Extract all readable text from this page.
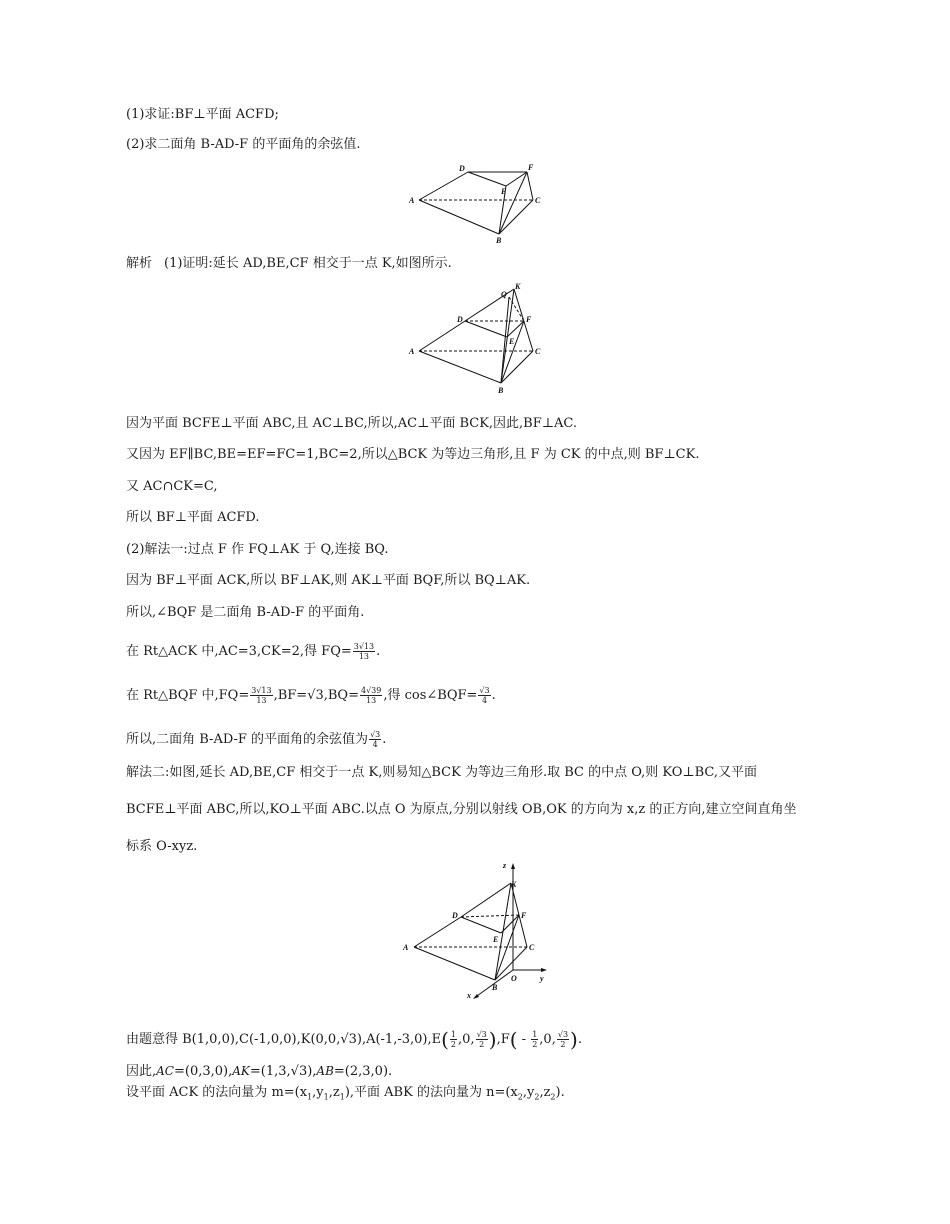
(1)求证:BF⊥平面 ACFD;
(2)求二面角 B-AD-F 的平面角的余弦值.
D	F
E
A	C
B
解析 (1)证明:延长 AD,BE,CF 相交于一点 K,如图所示.
Q
K
D	F
E
A	C
B
因为平面 BCFE⊥平面 ABC,且 AC⊥BC,所以,AC⊥平面 BCK,因此,BF⊥AC.
又因为 EF∥BC,BE=EF=FC=1,BC=2,所以△BCK 为等边三角形,且 F 为 CK 的中点,则 BF⊥CK.
又 AC∩CK=C,
所以 BF⊥平面 ACFD.
(2)解法一:过点 F 作 FQ⊥AK 于 Q,连接 BQ.
因为 BF⊥平面 ACK,所以 BF⊥AK,则 AK⊥平面 BQF,所以 BQ⊥AK.
所以,∠BQF 是二面角 B-AD-F 的平面角.
在 Rt△ACK 中,AC=3,CK=2,得 $FQ= \frac{3√13}{13}$ .
在 Rt△BQF 中$,FQ= \frac{3√13}{13} ,BF=√3,BQ= \frac{4√39}{13}$ ,得 cos∠BQF= $\frac{√3}{4}$ .
所以,二面角 B-AD-F 的平面角的余弦值为 $\frac{√3}{4}$ .
解法二:如图,延长 AD,BE,CF 相交于一点 K,则易知△BCK 为等边三角形.取 BC 的中点 O,则 KO⊥BC,又平面
BCFE⊥平面 ABC,所以,KO⊥平面 ABC.以点 O 为原点,分别以射线 OB,OK 的方向为 x,z 的正方向,建立空间直角坐
标系 O-xyz.
z
K
D	F
E
A	C
O	y
x
B
由题意得 $B(1,0,0),C(-1,0,0),K(0,0,√3),A(-1,-3,0),E( \frac{1}{2} ,0$, $\frac{√3}{2} ),F( - \frac{1}{2} ,0$, $\frac{√3}{2}$ ).
因此,AC=(0,3,0),AK=(1,3,√3),AB=(2,3,0).
设平面 ACK 的法向量为 $m=(x_1,y_1,z_1)$,平面 ABK 的法向量为 $n=(x_2,y_2,z_2)$.
